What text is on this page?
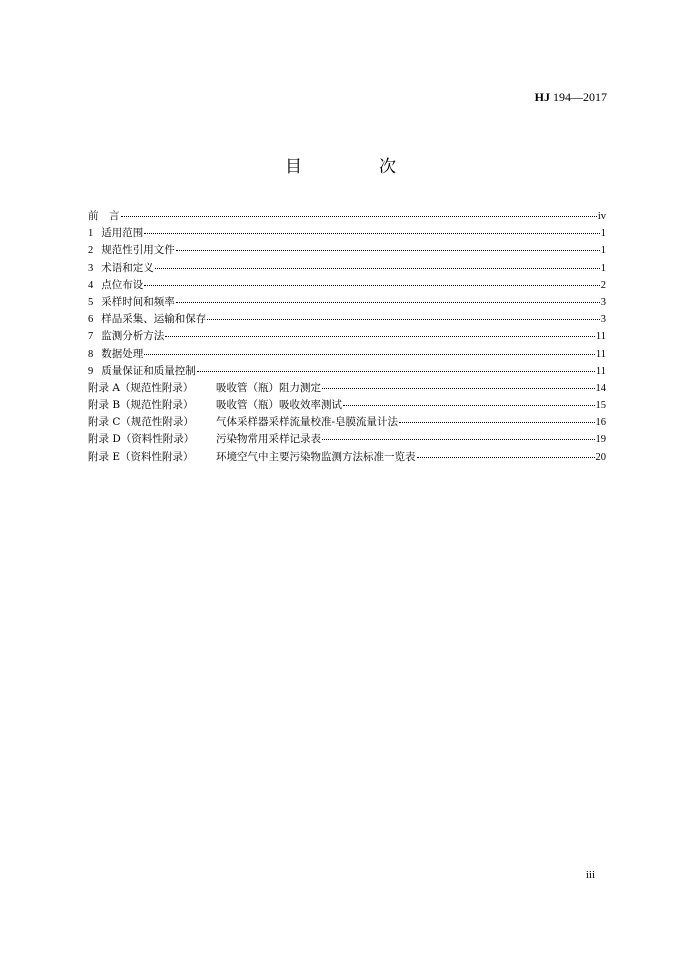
HJ 194—2017
目　次
前　言	iv
1 适用范围	1
2 规范性引用文件	1
3 术语和定义	1
4 点位布设	2
5 采样时间和频率	3
6 样品采集、运输和保存	3
7 监测分析方法	11
8 数据处理	11
9 质量保证和质量控制	11
附录 A（规范性附录） 吸收管（瓶）阻力测定	14
附录 B（规范性附录） 吸收管（瓶）吸收效率测试	15
附录 C（规范性附录） 气体采样器采样流量校准-皂膜流量计法	16
附录 D（资料性附录） 污染物常用采样记录表	19
附录 E（资料性附录） 环境空气中主要污染物监测方法标准一览表	20
iii
